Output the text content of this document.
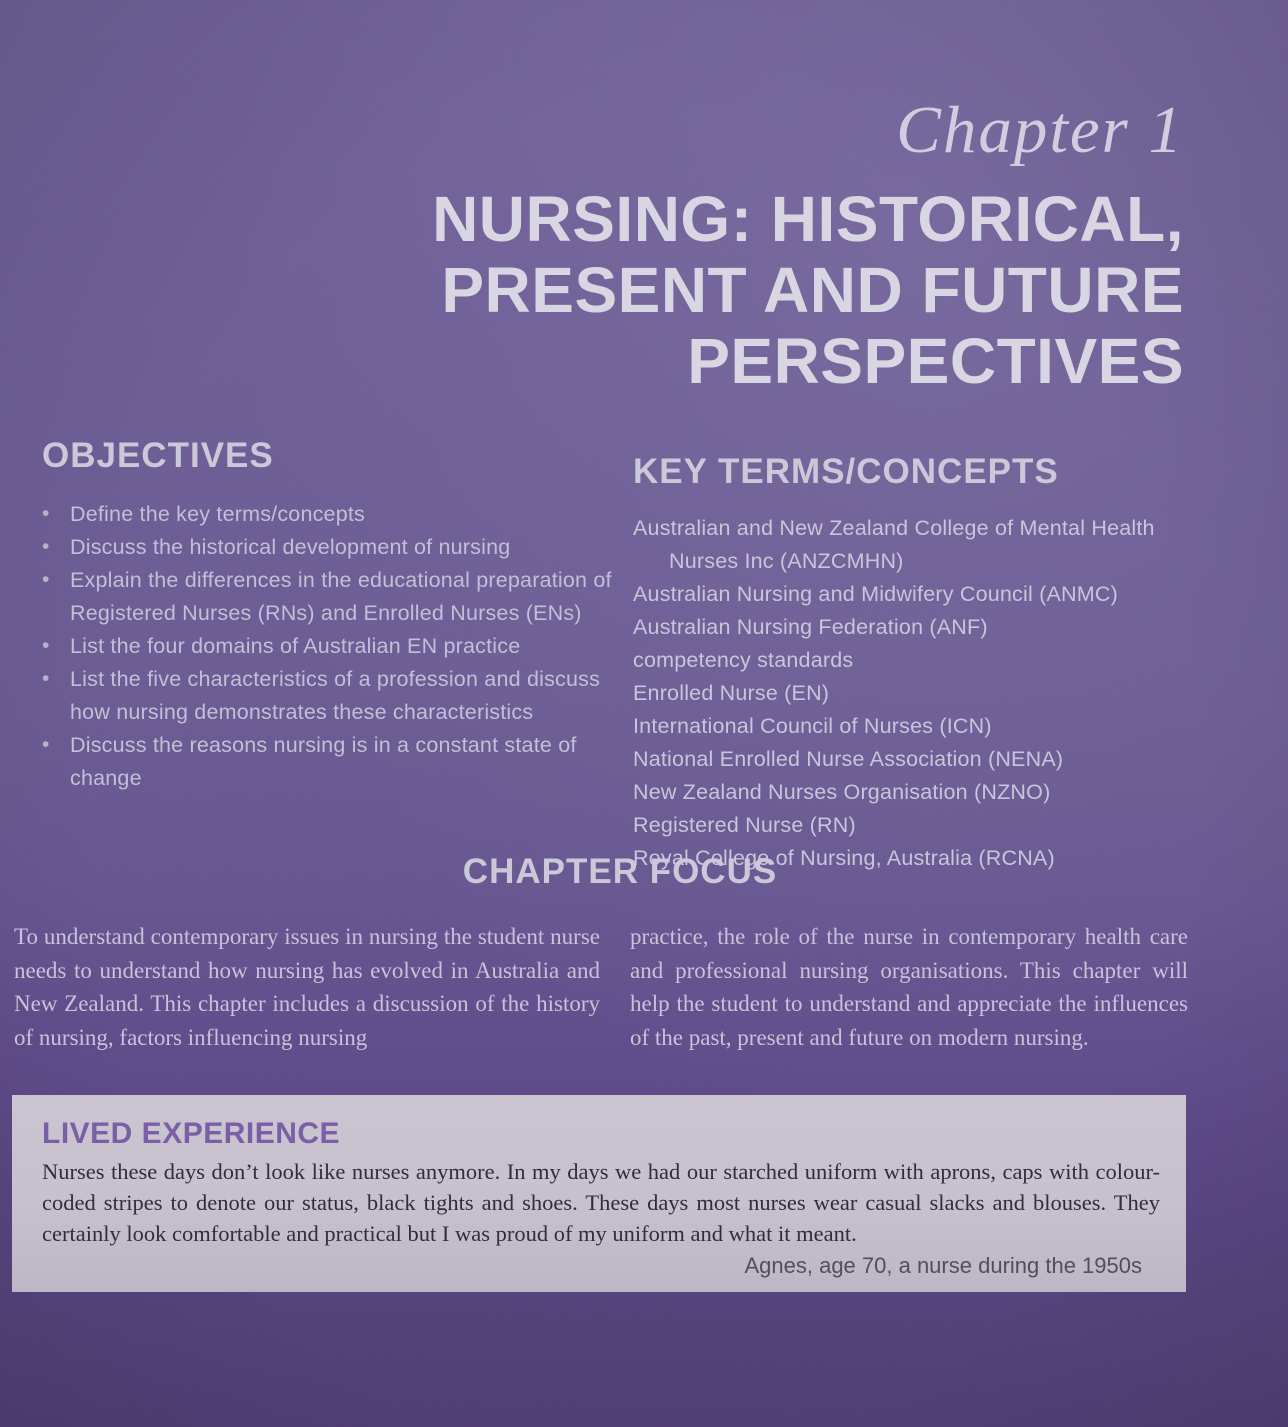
Chapter 1
NURSING: HISTORICAL,
PRESENT AND FUTURE
PERSPECTIVES
OBJECTIVES
• Define the key terms/concepts
• Discuss the historical development of nursing
• Explain the differences in the educational preparation of Registered Nurses (RNs) and Enrolled Nurses (ENs)
• List the four domains of Australian EN practice
• List the five characteristics of a profession and discuss how nursing demonstrates these characteristics
• Discuss the reasons nursing is in a constant state of change
KEY TERMS/CONCEPTS
Australian and New Zealand College of Mental Health Nurses Inc (ANZCMHN)
Australian Nursing and Midwifery Council (ANMC)
Australian Nursing Federation (ANF)
competency standards
Enrolled Nurse (EN)
International Council of Nurses (ICN)
National Enrolled Nurse Association (NENA)
New Zealand Nurses Organisation (NZNO)
Registered Nurse (RN)
Royal College of Nursing, Australia (RCNA)
CHAPTER FOCUS
To understand contemporary issues in nursing the student nurse needs to understand how nursing has evolved in Australia and New Zealand. This chapter includes a discussion of the history of nursing, factors influencing nursing
practice, the role of the nurse in contemporary health care and professional nursing organisations. This chapter will help the student to understand and appreciate the influences of the past, present and future on modern nursing.
LIVED EXPERIENCE

Nurses these days don’t look like nurses anymore. In my days we had our starched uniform with aprons, caps with colour-coded stripes to denote our status, black tights and shoes. These days most nurses wear casual slacks and blouses. They certainly look comfortable and practical but I was proud of my uniform and what it meant.

Agnes, age 70, a nurse during the 1950s
